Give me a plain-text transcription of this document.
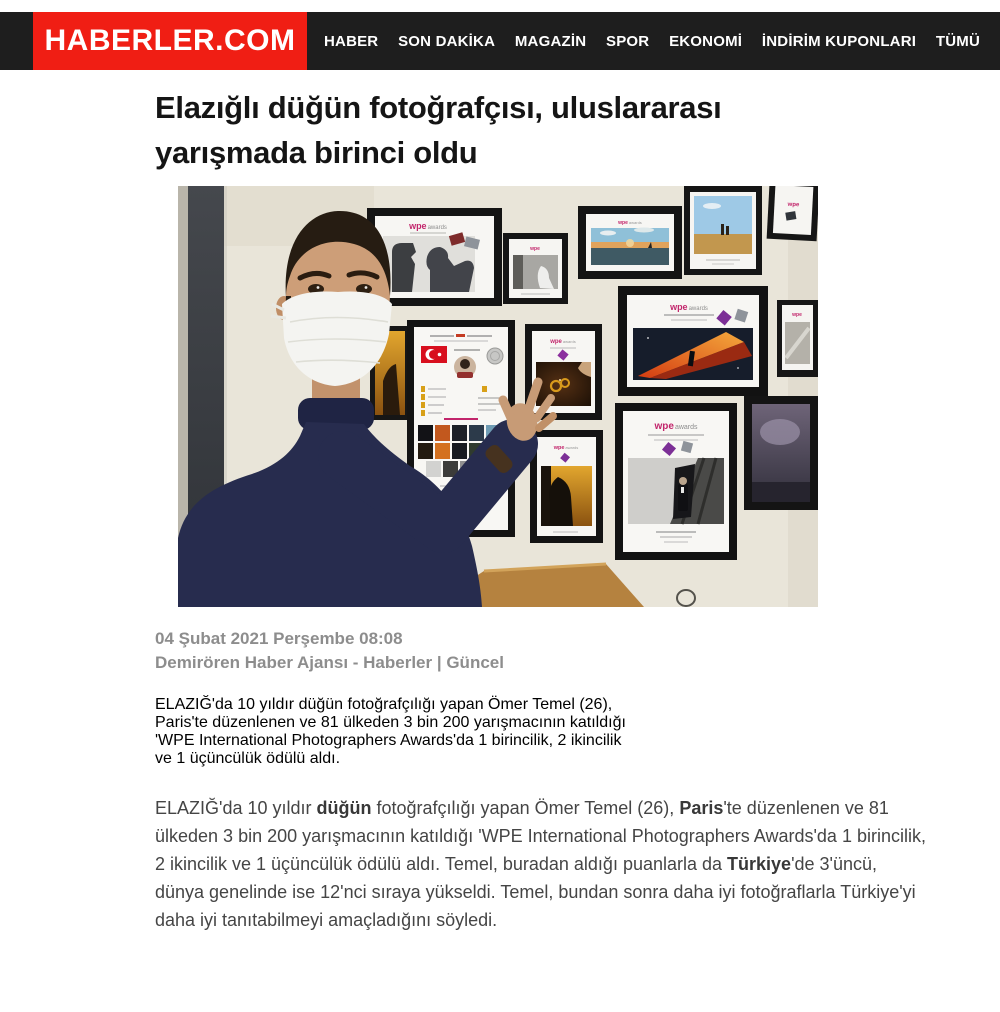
HABERLER.COM	HABER SON DAKİKA MAGAZİN SPOR EKONOMİ İNDİRİM KUPONLARI TÜMÜ
Elazığlı düğün fotoğrafçısı, uluslararası
yarışmada birinci oldu
wpeawards
wpe
wpeawards
wpeawards
wpe
wpe
wpeawards
wpeawards
wpeawards
04 Şubat 2021 Perşembe 08:08
Demirören Haber Ajansı - Haberler | Güncel

ELAZIĞ'da 10 yıldır düğün fotoğrafçılığı yapan Ömer Temel (26),
Paris'te düzenlenen ve 81 ülkeden 3 bin 200 yarışmacının katıldığı
'WPE International Photographers Awards'da 1 birincilik, 2 ikincilik
ve 1 üçüncülük ödülü aldı.

ELAZIĞ'da 10 yıldır düğün fotoğrafçılığı yapan Ömer Temel (26), Paris'te düzenlenen ve 81 ülkeden 3 bin 200 yarışmacının katıldığı 'WPE International Photographers Awards'da 1 birincilik, 2 ikincilik ve 1 üçüncülük ödülü aldı. Temel, buradan aldığı puanlarla da Türkiye'de 3'üncü, dünya genelinde ise 12'nci sıraya yükseldi. Temel, bundan sonra daha iyi fotoğraflarla Türkiye'yi daha iyi tanıtabilmeyi amaçladığını söyledi.
